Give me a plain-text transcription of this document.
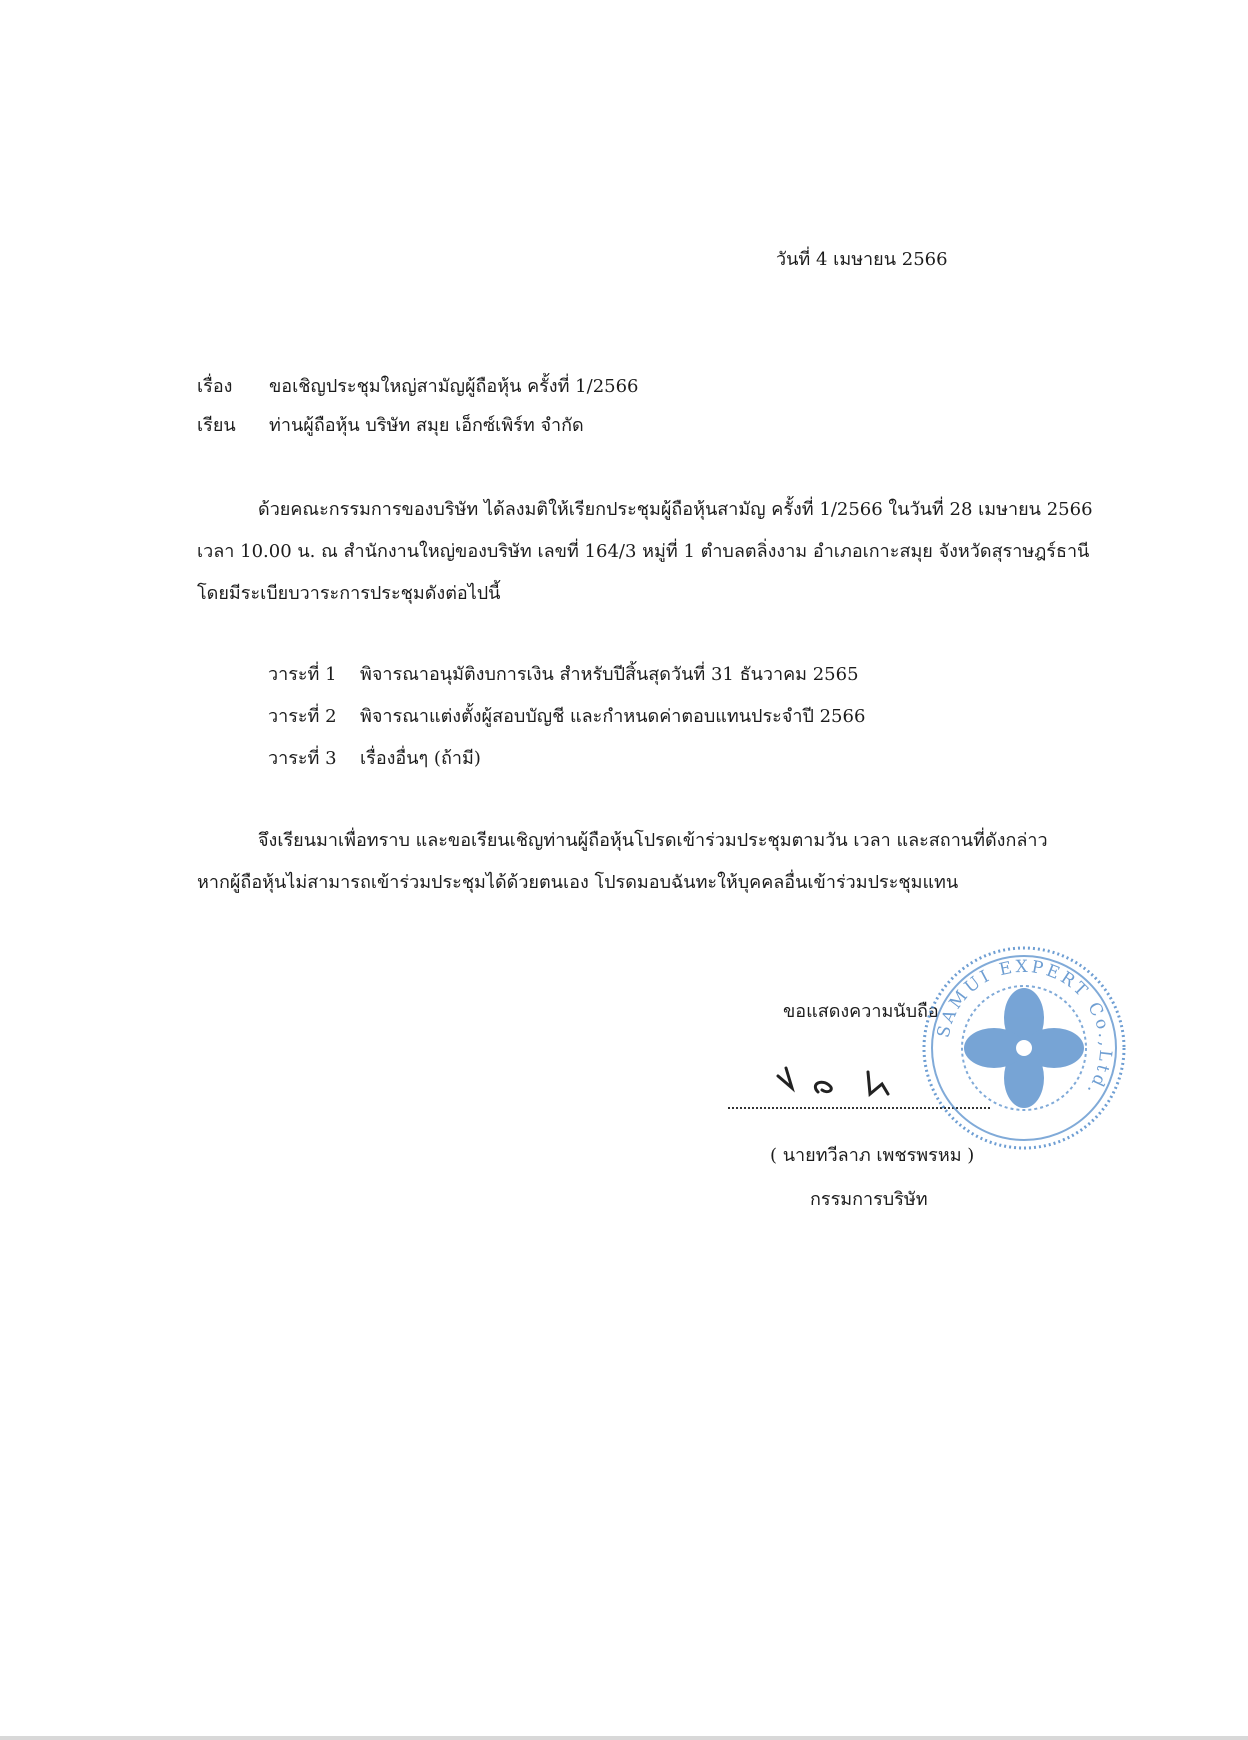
วันที่ 4 เมษายน 2566
เรื่อง ขอเชิญประชุมใหญ่สามัญผู้ถือหุ้น ครั้งที่ 1/2566
เรียน ท่านผู้ถือหุ้น บริษัท สมุย เอ็กซ์เพิร์ท จำกัด
ด้วยคณะกรรมการของบริษัท ได้ลงมติให้เรียกประชุมผู้ถือหุ้นสามัญ ครั้งที่ 1/2566 ในวันที่ 28 เมษายน 2566
เวลา 10.00 น. ณ สำนักงานใหญ่ของบริษัท เลขที่ 164/3 หมู่ที่ 1 ตำบลตลิ่งงาม อำเภอเกาะสมุย จังหวัดสุราษฎร์ธานี
โดยมีระเบียบวาระการประชุมดังต่อไปนี้
วาระที่ 1 พิจารณาอนุมัติงบการเงิน สำหรับปีสิ้นสุดวันที่ 31 ธันวาคม 2565
วาระที่ 2 พิจารณาแต่งตั้งผู้สอบบัญชี และกำหนดค่าตอบแทนประจำปี 2566
วาระที่ 3 เรื่องอื่นๆ (ถ้ามี)
จึงเรียนมาเพื่อทราบ และขอเรียนเชิญท่านผู้ถือหุ้นโปรดเข้าร่วมประชุมตามวัน เวลา และสถานที่ดังกล่าว
หากผู้ถือหุ้นไม่สามารถเข้าร่วมประชุมได้ด้วยตนเอง โปรดมอบฉันทะให้บุคคลอื่นเข้าร่วมประชุมแทน
ขอแสดงความนับถือ
( นายทวีลาภ เพชรพรหม )
กรรมการบริษัท
SAMUI EXPERT Co.,Ltd.
